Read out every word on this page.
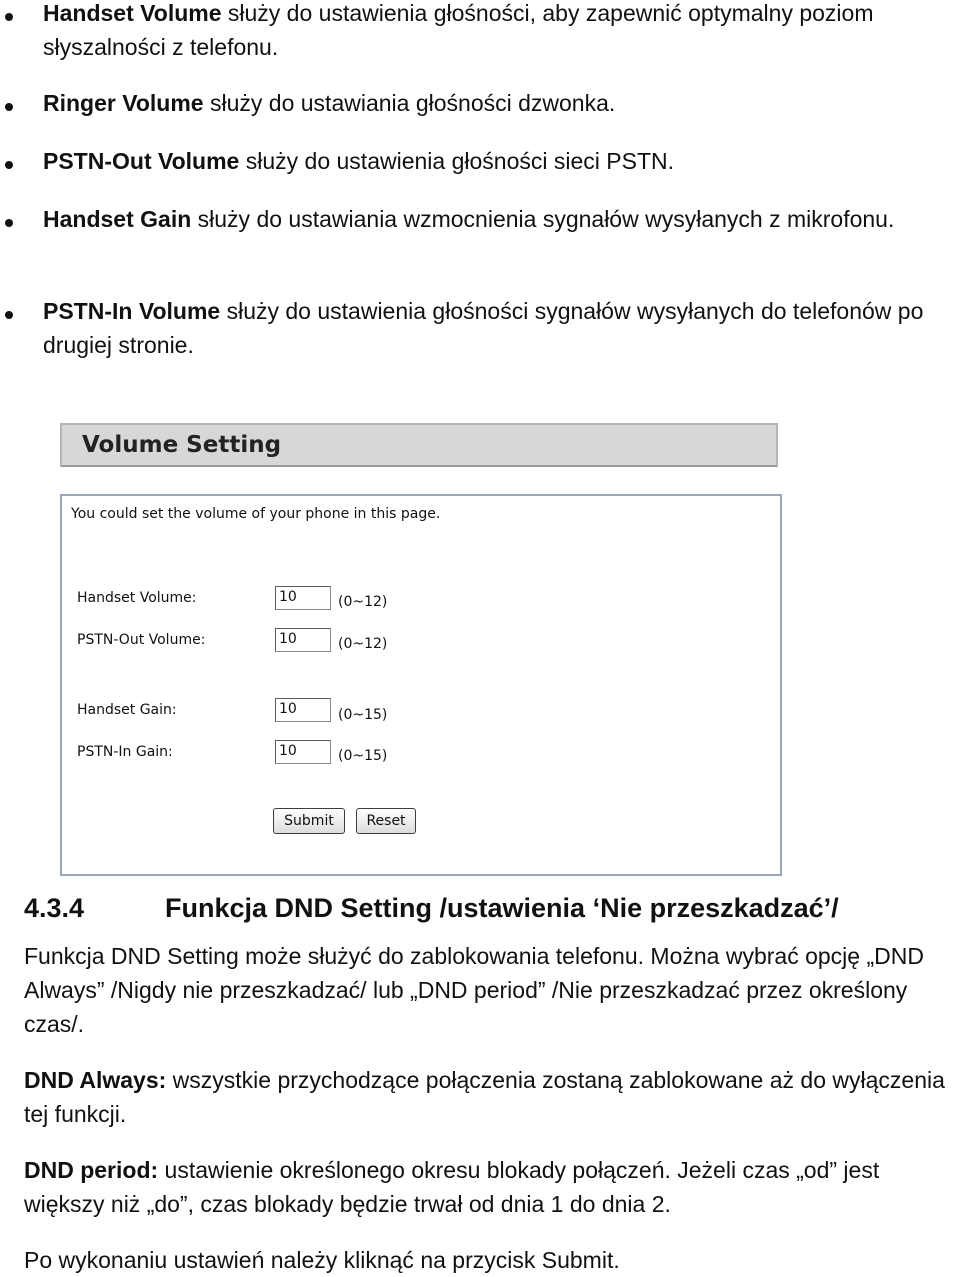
Handset Volume służy do ustawienia głośności, aby zapewnić optymalny poziom słyszalności z telefonu.
Ringer Volume służy do ustawiania głośności dzwonka.
PSTN-Out Volume służy do ustawienia głośności sieci PSTN.
Handset Gain służy do ustawiania wzmocnienia sygnałów wysyłanych z mikrofonu.
PSTN-In Volume służy do ustawienia głośności sygnałów wysyłanych do telefonów po drugiej stronie.
Volume Setting
You could set the volume of your phone in this page.
Handset Volume:	10	(0~12)
PSTN-Out Volume:	10	(0~12)
Handset Gain:	10	(0~15)
PSTN-In Gain:	10	(0~15)
Submit	Reset
4.3.4	Funkcja DND Setting /ustawienia ‘Nie przeszkadzać’/
Funkcja DND Setting może służyć do zablokowania telefonu. Można wybrać opcję „DND Always” /Nigdy nie przeszkadzać/ lub „DND period” /Nie przeszkadzać przez określony czas/.
DND Always: wszystkie przychodzące połączenia zostaną zablokowane aż do wyłączenia tej funkcji.
DND period: ustawienie określonego okresu blokady połączeń. Jeżeli czas „od” jest większy niż „do”, czas blokady będzie trwał od dnia 1 do dnia 2.
Po wykonaniu ustawień należy kliknąć na przycisk Submit.
